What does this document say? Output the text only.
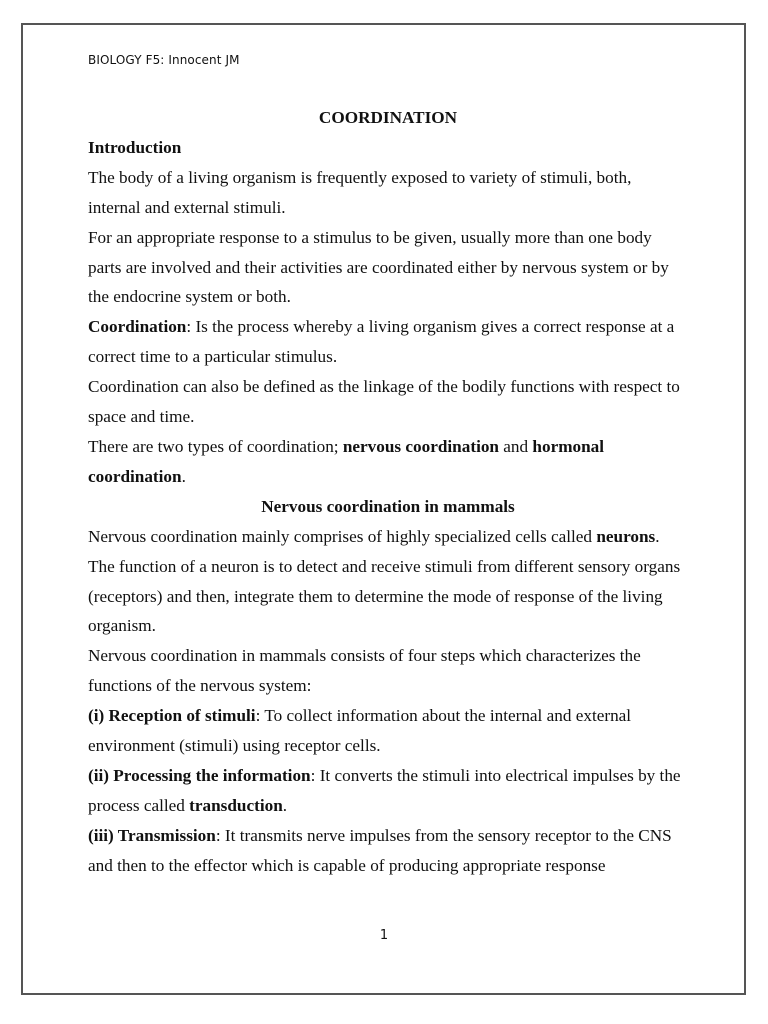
BIOLOGY F5: Innocent JM

COORDINATION

Introduction

The body of a living organism is frequently exposed to variety of stimuli, both, internal and external stimuli.

For an appropriate response to a stimulus to be given, usually more than one body parts are involved and their activities are coordinated either by nervous system or by the endocrine system or both.

Coordination: Is the process whereby a living organism gives a correct response at a correct time to a particular stimulus.

Coordination can also be defined as the linkage of the bodily functions with respect to space and time.

There are two types of coordination; nervous coordination and hormonal coordination.

Nervous coordination in mammals

Nervous coordination mainly comprises of highly specialized cells called neurons. The function of a neuron is to detect and receive stimuli from different sensory organs (receptors) and then, integrate them to determine the mode of response of the living organism.

Nervous coordination in mammals consists of four steps which characterizes the functions of the nervous system:

(i) Reception of stimuli: To collect information about the internal and external environment (stimuli) using receptor cells.

(ii) Processing the information: It converts the stimuli into electrical impulses by the process called transduction.

(iii) Transmission: It transmits nerve impulses from the sensory receptor to the CNS and then to the effector which is capable of producing appropriate response

1
